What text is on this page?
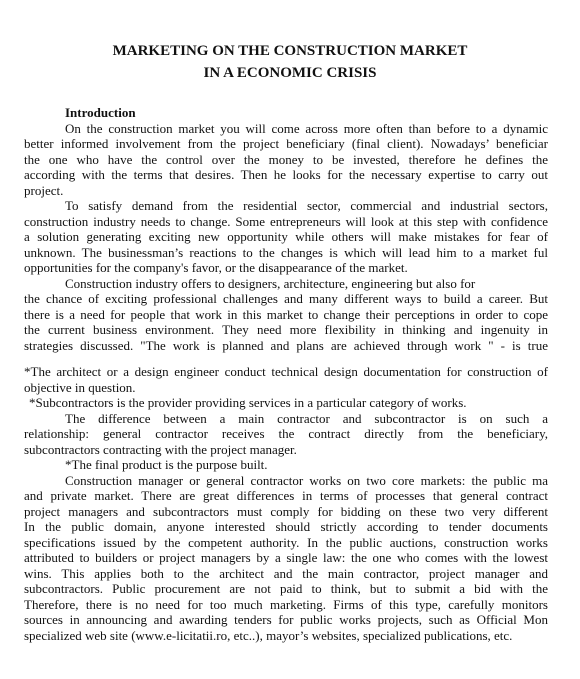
MARKETING ON THE CONSTRUCTION MARKET
IN A ECONOMIC CRISIS
Introduction
On the construction market you will come across more often than before to a dynamic
better informed involvement from the project beneficiary (final client). Nowadays’ beneficiar
the one who have the control over the money to be invested, therefore he defines the
according with the terms that desires. Then he looks for the necessary expertise to carry out
project.
To satisfy demand from the residential sector, commercial and industrial sectors,
construction industry needs to change. Some entrepreneurs will look at this step with confidence
a solution generating exciting new opportunity while others will make mistakes for fear of
unknown. The businessman’s reactions to the changes is which will lead him to a market ful
opportunities for the company's favor, or the disappearance of the market.
Construction industry offers to designers, architecture, engineering but also for
the chance of exciting professional challenges and many different ways to build a career. But
there is a need for people that work in this market to change their perceptions in order to cope
the current business environment. They need more flexibility in thinking and ingenuity in
strategies discussed. "The work is planned and plans are achieved through work " - is true
*The architect or a design engineer conduct technical design documentation for construction of
objective in question.
*Subcontractors is the provider providing services in a particular category of works.
The difference between a main contractor and subcontractor is on such a
relationship: general contractor receives the contract directly from the beneficiary,
subcontractors contracting with the project manager.
*The final product is the purpose built.
Construction manager or general contractor works on two core markets: the public ma
and private market. There are great differences in terms of processes that general contract
project managers and subcontractors must comply for bidding on these two very different
In the public domain, anyone interested should strictly according to tender documents
specifications issued by the competent authority. In the public auctions, construction works
attributed to builders or project managers by a single law: the one who comes with the lowest
wins. This applies both to the architect and the main contractor, project manager and
subcontractors. Public procurement are not paid to think, but to submit a bid with the
Therefore, there is no need for too much marketing. Firms of this type, carefully monitors
sources in announcing and awarding tenders for public works projects, such as Official Mon
specialized web site (www.e-licitatii.ro, etc..), mayor’s websites, specialized publications, etc.
